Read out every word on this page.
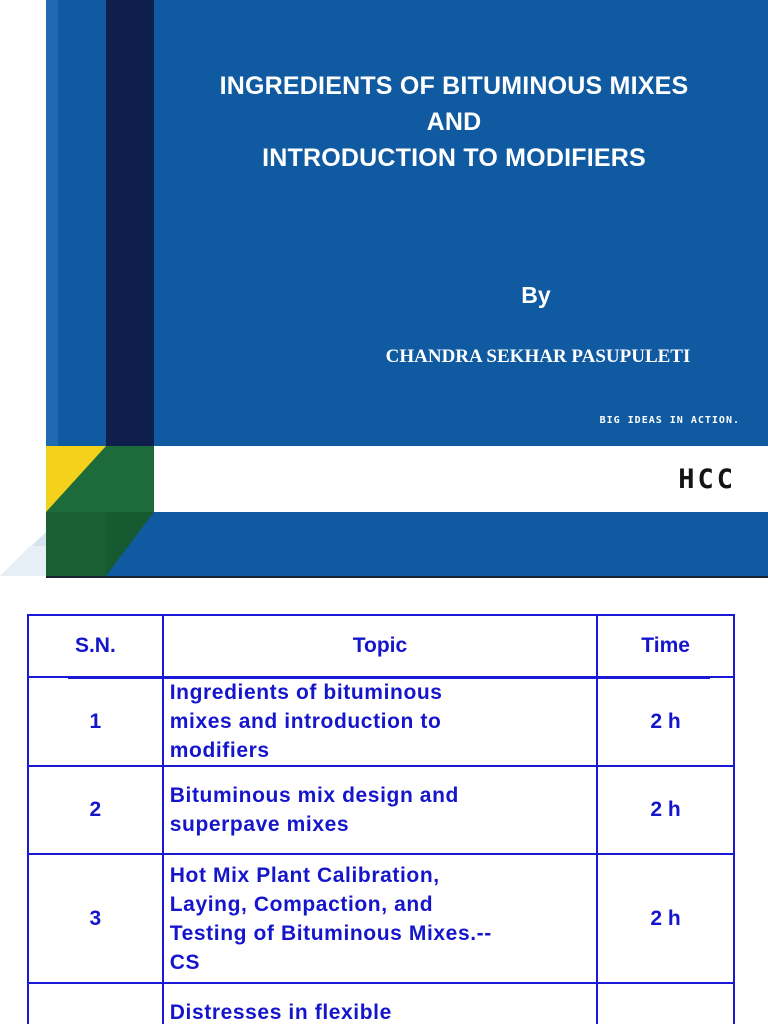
INGREDIENTS OF BITUMINOUS MIXES
AND
INTRODUCTION TO MODIFIERS
By
CHANDRA SEKHAR PASUPULETI
BIG IDEAS IN ACTION.
HCC
S.N.	Topic	Time
1	Ingredients of bituminous
mixes and introduction to
modifiers	2 h
2	Bituminous mix design and
superpave mixes	2 h
3	Hot Mix Plant Calibration,
Laying, Compaction, and
Testing of Bituminous Mixes.--
CS	2 h

	Distresses in flexible	
